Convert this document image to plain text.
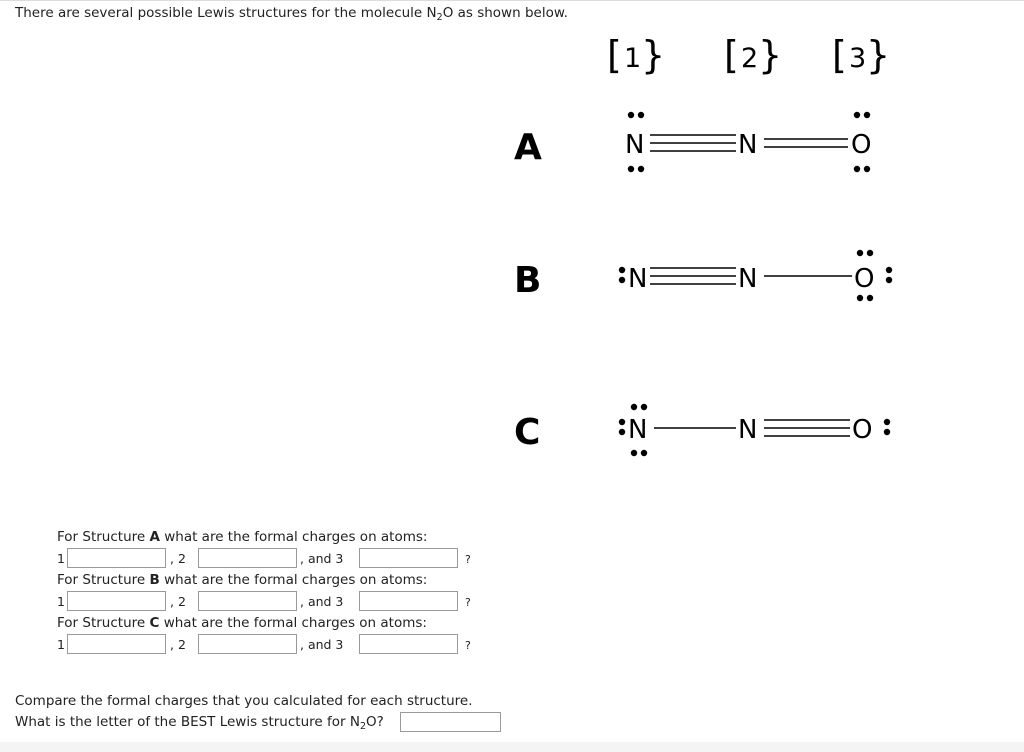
There are several possible Lewis structures for the molecule $N_2O$ as shown below.
[ 1 } [ 2 } [ 3 }
A
B
C
N	N	O
N	N	O
N	N	O
For Structure A what are the formal charges on atoms:
1	, 2	, and 3	?
For Structure B what are the formal charges on atoms:
1	, 2	, and 3	?
For Structure C what are the formal charges on atoms:
1	, 2	, and 3	?
Compare the formal charges that you calculated for each structure.
What is the letter of the BEST Lewis structure for $N_2O$?
